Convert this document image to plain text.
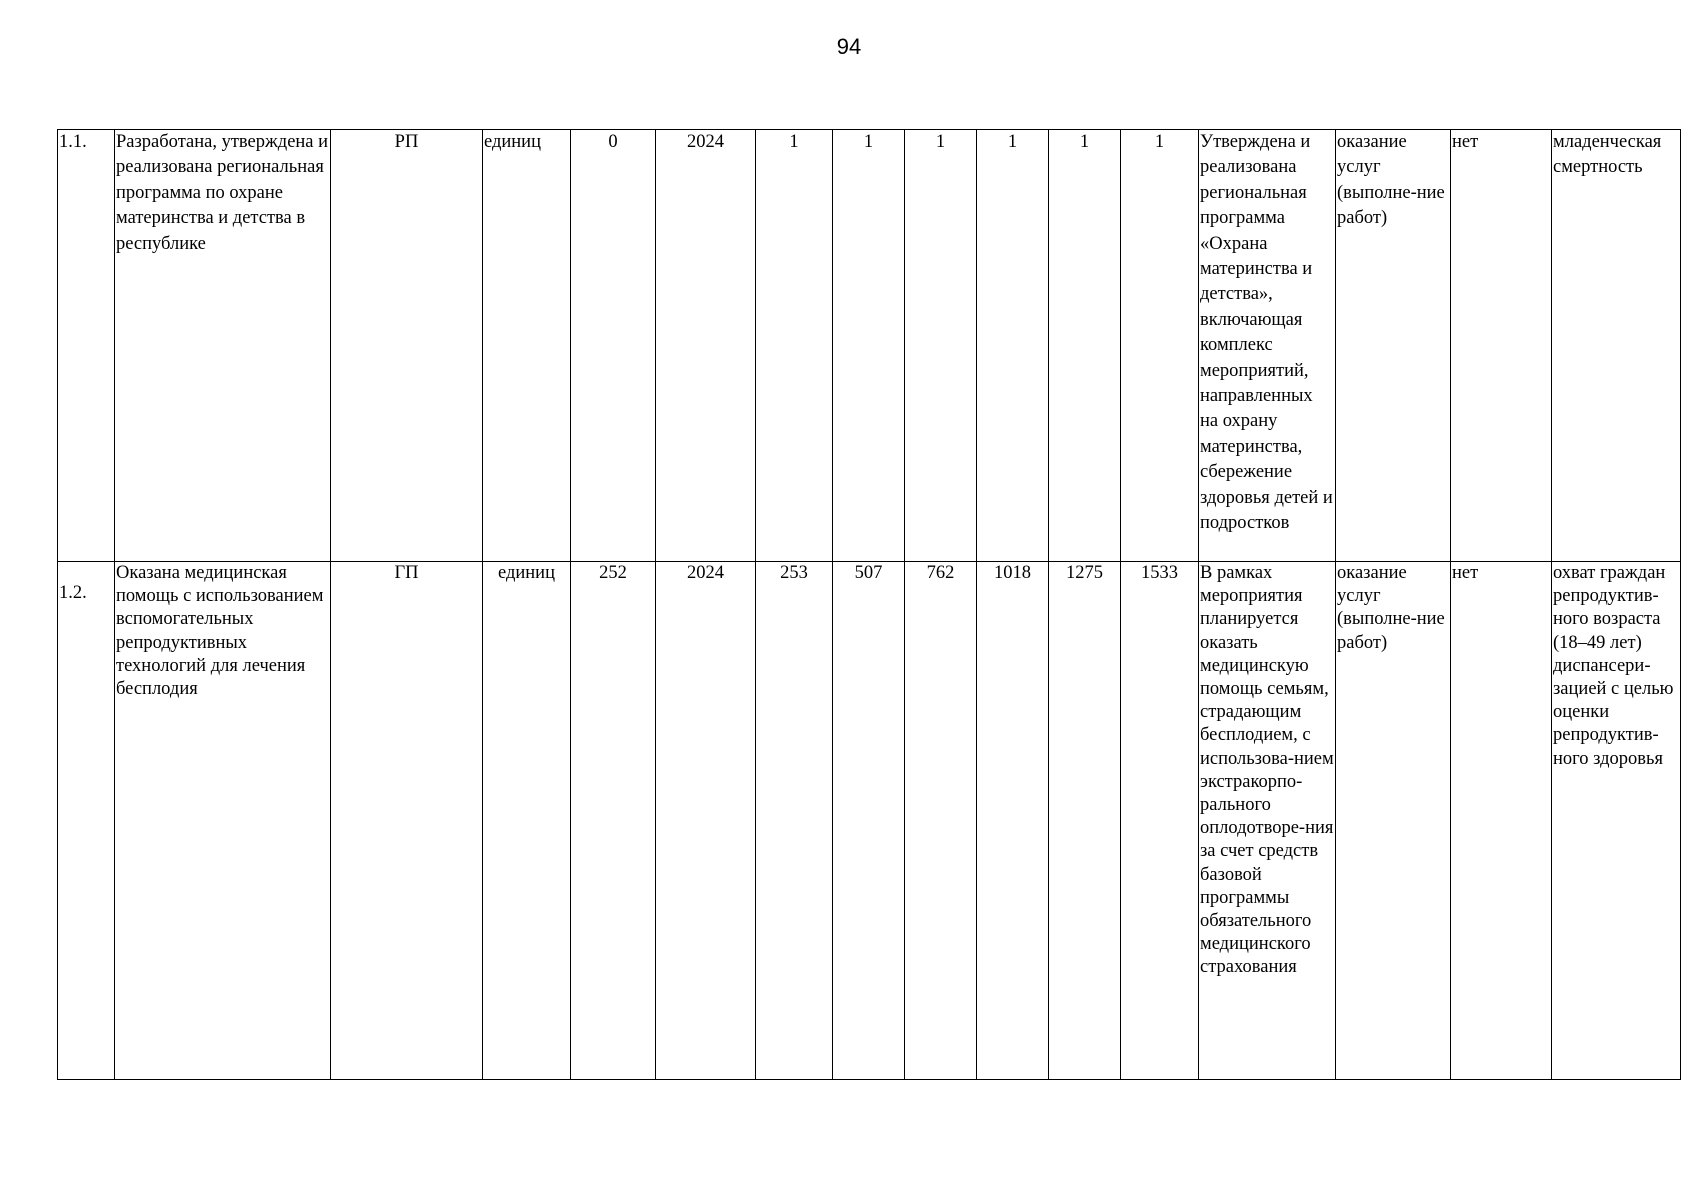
94
1.1.	Разработана, утверждена и реализована региональная программа по охране материнства и детства в республике	РП	единиц	0	2024	1	1	1	1	1	1	Утверждена и реализована региональная программа «Охрана материнства и детства», включающая комплекс мероприятий, направленных на охрану материнства, сбережение здоровья детей и подростков	оказание услуг (выполне-ние работ)	нет	младенческая смертность
1.2.	Оказана медицинская помощь с использованием вспомогательных репродуктивных технологий для лечения бесплодия	ГП	единиц	252	2024	253	507	762	1018	1275	1533	В рамках мероприятия планируется оказать медицинскую помощь семьям, страдающим бесплодием, с использова-нием экстракорпо-рального оплодотворе-ния за счет средств базовой программы обязательного медицинского страхования	оказание услуг (выполне-ние работ)	нет	охват граждан репродуктив-ного возраста (18–49 лет) диспансери-зацией с целью оценки репродуктив-ного здоровья
